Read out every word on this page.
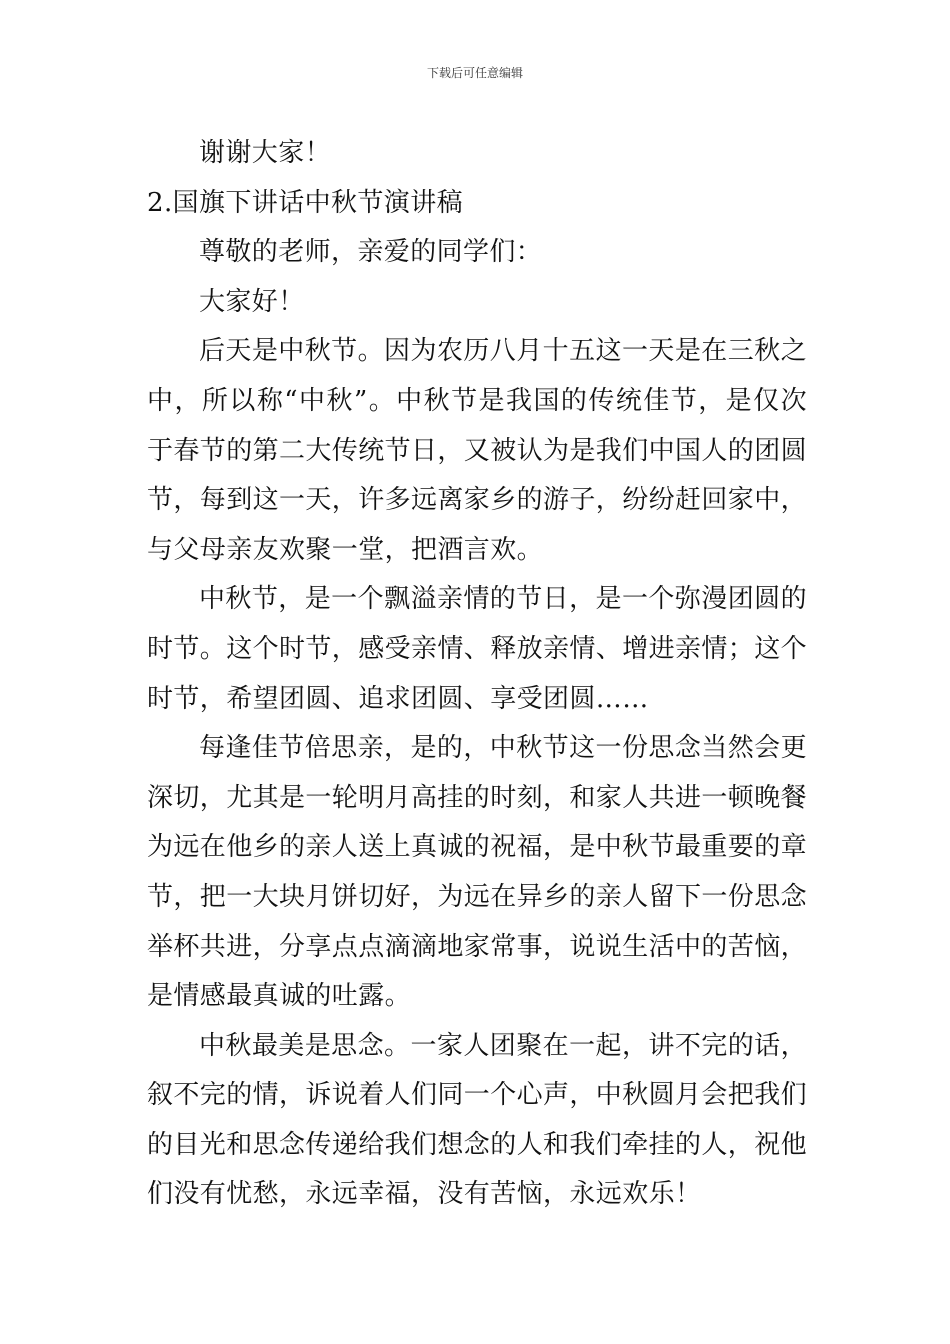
下载后可任意编辑

谢谢大家！

2.国旗下讲话中秋节演讲稿

尊敬的老师，亲爱的同学们：

大家好！

后天是中秋节。因为农历八月十五这一天是在三秋之中，所以称“中秋”。中秋节是我国的传统佳节，是仅次于春节的第二大传统节日，又被认为是我们中国人的团圆节，每到这一天，许多远离家乡的游子，纷纷赶回家中，与父母亲友欢聚一堂，把酒言欢。

中秋节，是一个飘溢亲情的节日，是一个弥漫团圆的时节。这个时节，感受亲情、释放亲情、增进亲情；这个时节，希望团圆、追求团圆、享受团圆……

每逢佳节倍思亲，是的，中秋节这一份思念当然会更深切，尤其是一轮明月高挂的时刻，和家人共进一顿晚餐为远在他乡的亲人送上真诚的祝福，是中秋节最重要的章节，把一大块月饼切好，为远在异乡的亲人留下一份思念举杯共进，分享点点滴滴地家常事，说说生活中的苦恼，是情感最真诚的吐露。

中秋最美是思念。一家人团聚在一起，讲不完的话，叙不完的情，诉说着人们同一个心声，中秋圆月会把我们的目光和思念传递给我们想念的人和我们牵挂的人，祝他们没有忧愁，永远幸福，没有苦恼，永远欢乐！
